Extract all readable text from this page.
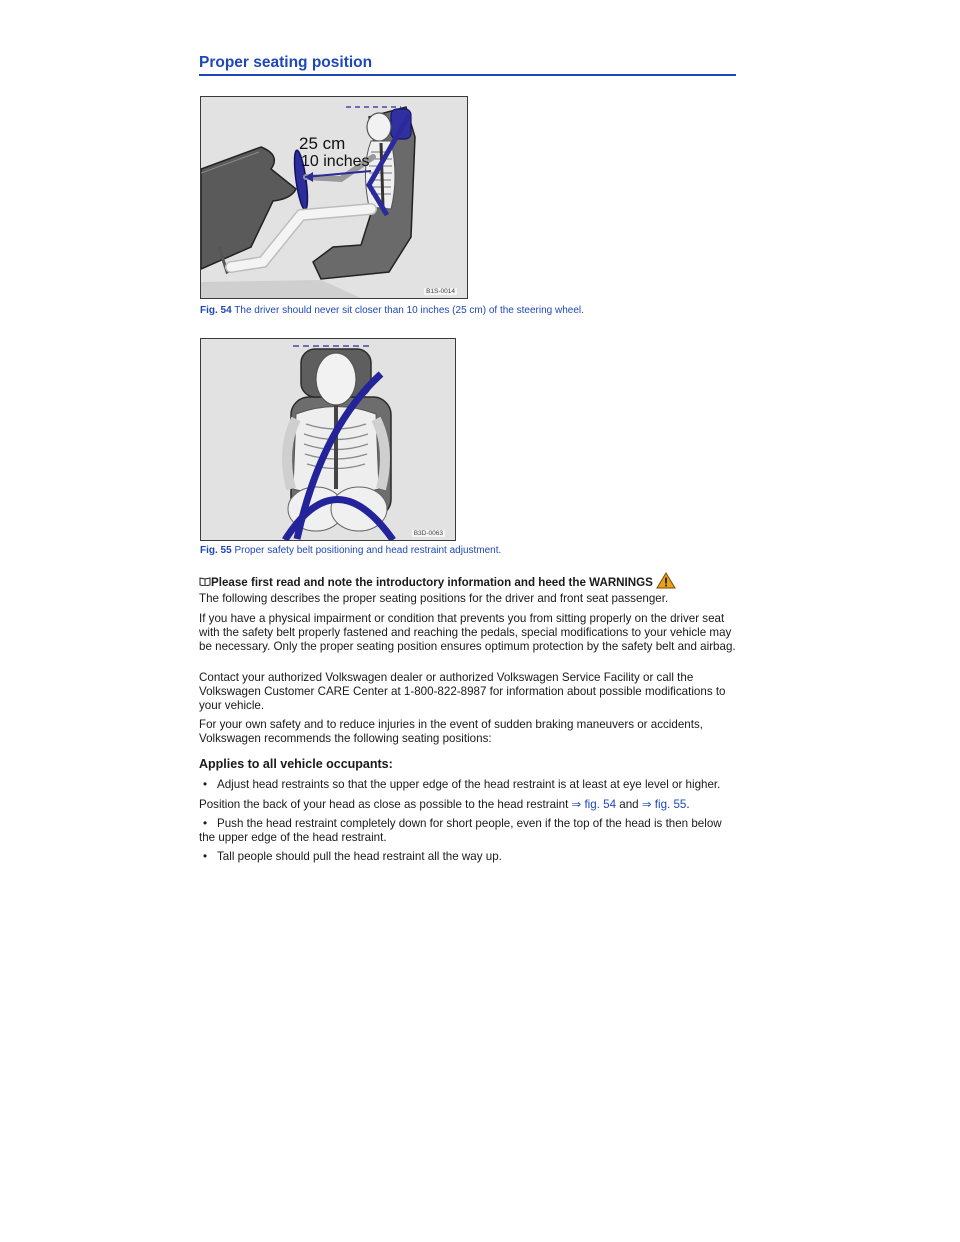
Proper seating position
25 cm
10 inches
B1S-0014
Fig. 54 The driver should never sit closer than 10 inches (25 cm) of the steering wheel.
B3D-0063
Fig. 55 Proper safety belt positioning and head restraint adjustment.
Please first read and note the introductory information and heed the WARNINGS
The following describes the proper seating positions for the driver and front seat passenger.
If you have a physical impairment or condition that prevents you from sitting properly on the driver seat with the safety belt properly fastened and reaching the pedals, special modifications to your vehicle may be necessary. Only the proper seating position ensures optimum protection by the safety belt and airbag.
Contact your authorized Volkswagen dealer or authorized Volkswagen Service Facility or call the Volkswagen Customer CARE Center at 1-800-822-8987 for information about possible modifications to your vehicle.
For your own safety and to reduce injuries in the event of sudden braking maneuvers or accidents, Volkswagen recommends the following seating positions:
Applies to all vehicle occupants:
• Adjust head restraints so that the upper edge of the head restraint is at least at eye level or higher.
Position the back of your head as close as possible to the head restraint ⇒ fig. 54 and ⇒ fig. 55.
• Push the head restraint completely down for short people, even if the top of the head is then below the upper edge of the head restraint.
• Tall people should pull the head restraint all the way up.
